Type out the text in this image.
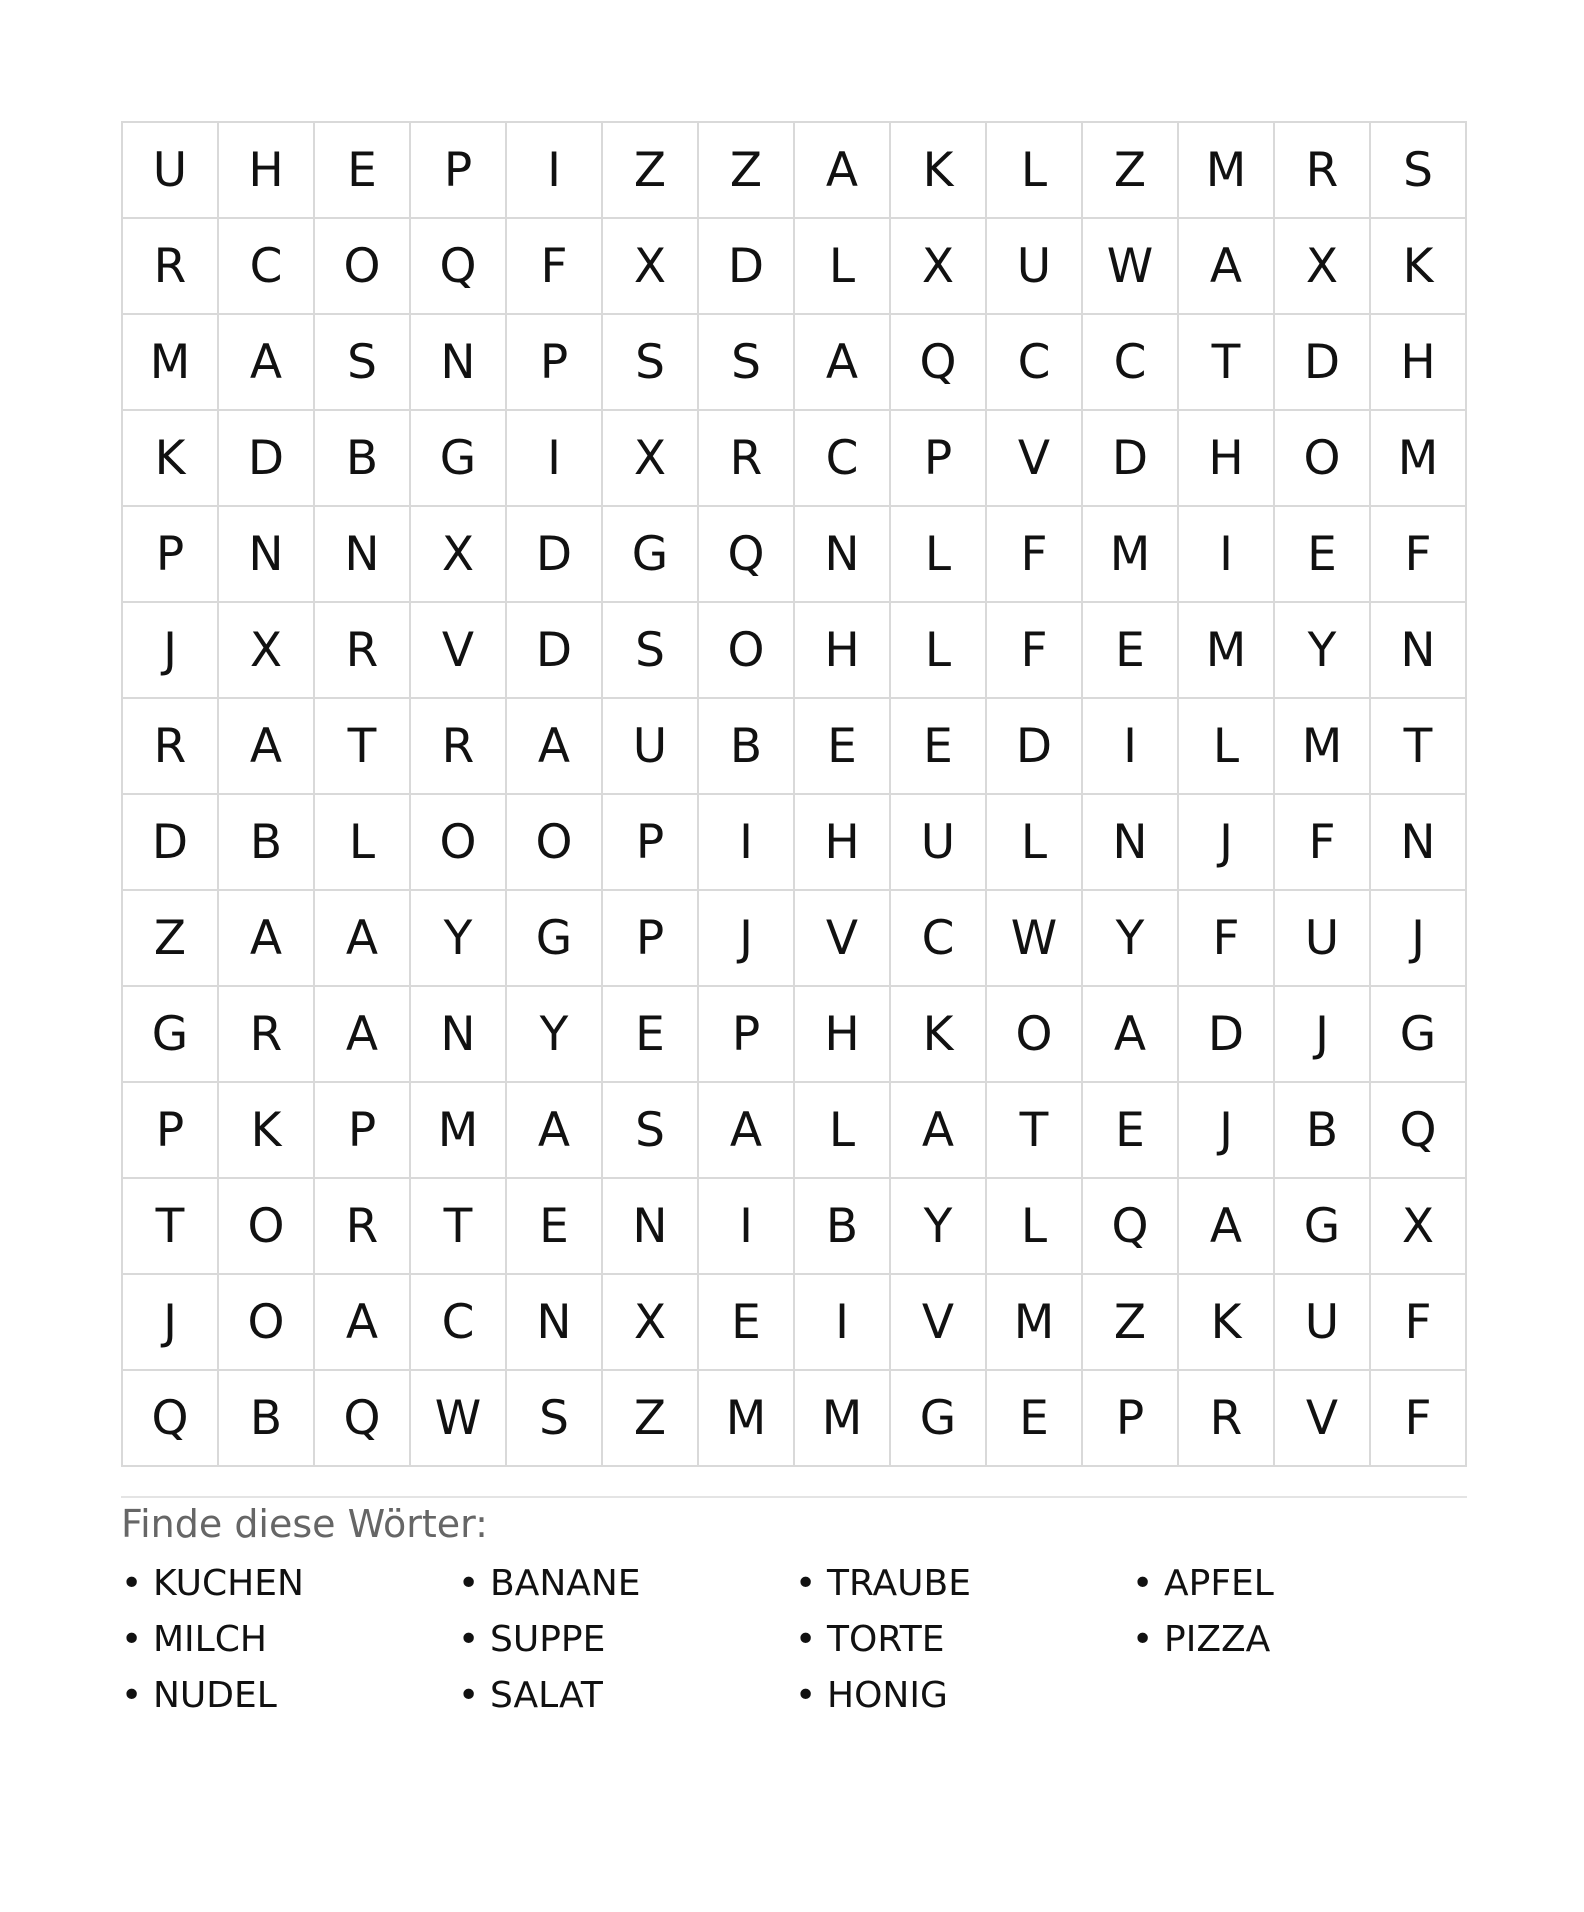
U	H	E	P	I	Z	Z	A	K	L	Z	M	R	S
R	C	O	Q	F	X	D	L	X	U	W	A	X	K
M	A	S	N	P	S	S	A	Q	C	C	T	D	H
K	D	B	G	I	X	R	C	P	V	D	H	O	M
P	N	N	X	D	G	Q	N	L	F	M	I	E	F
J	X	R	V	D	S	O	H	L	F	E	M	Y	N
R	A	T	R	A	U	B	E	E	D	I	L	M	T
D	B	L	O	O	P	I	H	U	L	N	J	F	N
Z	A	A	Y	G	P	J	V	C	W	Y	F	U	J
G	R	A	N	Y	E	P	H	K	O	A	D	J	G
P	K	P	M	A	S	A	L	A	T	E	J	B	Q
T	O	R	T	E	N	I	B	Y	L	Q	A	G	X
J	O	A	C	N	X	E	I	V	M	Z	K	U	F
Q	B	Q	W	S	Z	M	M	G	E	P	R	V	F
Finde diese Wörter:
• KUCHEN	• BANANE	• TRAUBE	• APFEL
• MILCH	• SUPPE	• TORTE	• PIZZA
• NUDEL	• SALAT	• HONIG
